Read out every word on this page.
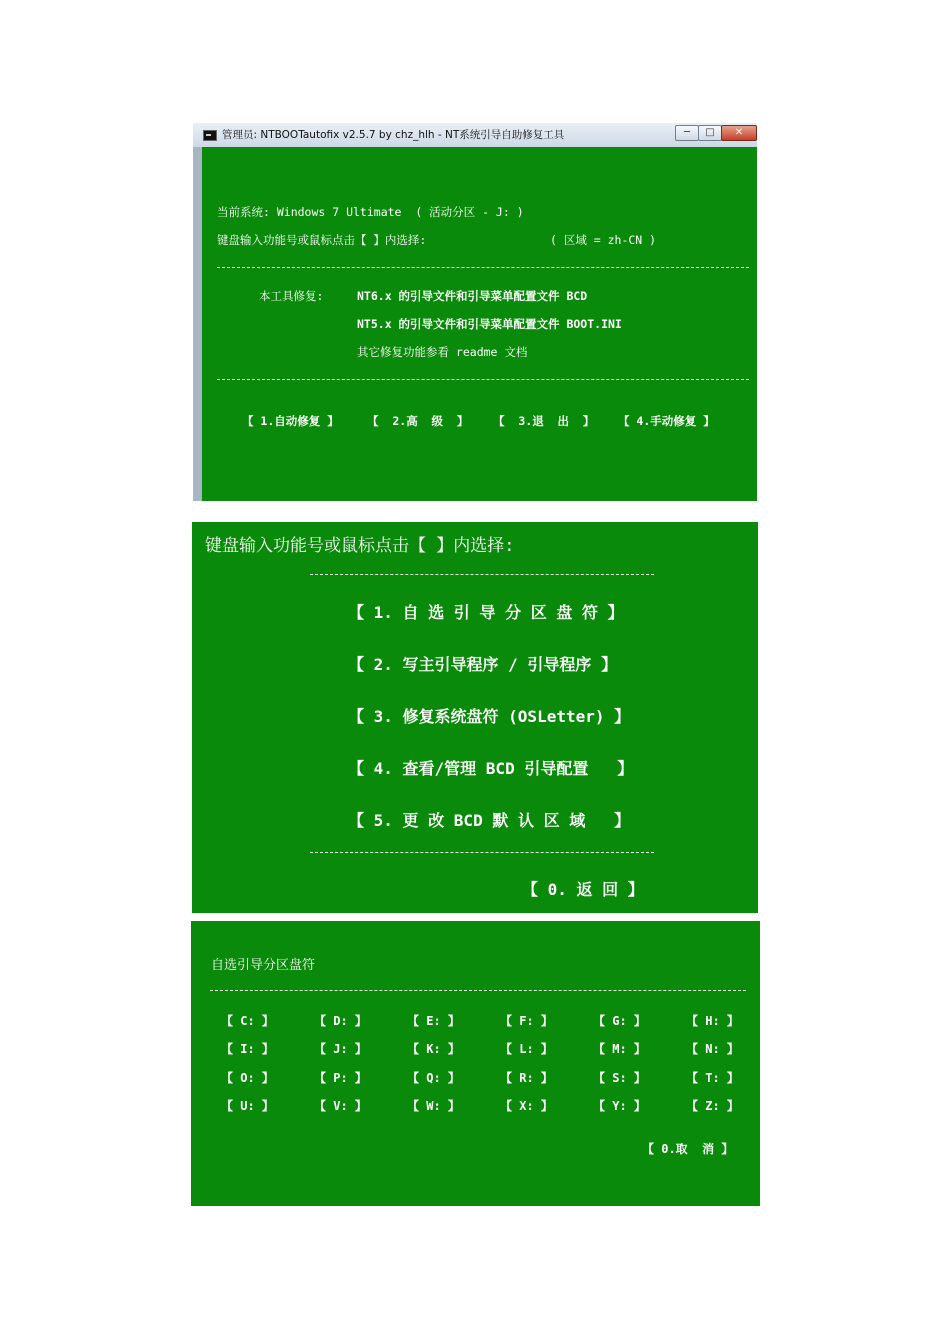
管理员: NTBOOTautofix v2.5.7 by chz_hlh - NT系统引导自助修复工具	─	□	✕
当前系统: Windows 7 Ultimate  ( 活动分区 - J: )
键盘输入功能号或鼠标点击【 】内选择:	( 区域 = zh-CN )
本工具修复:	NT6.x 的引导文件和引导菜单配置文件 BCD
NT5.x 的引导文件和引导菜单配置文件 BOOT.INI
其它修复功能参看 readme 文档
【 1.自动修复 】 【  2.高  级  】 【  3.退  出  】 【 4.手动修复 】
键盘输入功能号或鼠标点击【 】内选择:
【 1. 自 选 引 导 分 区 盘 符 】
【 2. 写主引导程序 / 引导程序 】
【 3. 修复系统盘符 (OSLetter) 】
【 4. 查看/管理 BCD 引导配置   】
【 5. 更 改 BCD 默 认 区 域   】
【 0. 返 回 】
自选引导分区盘符
【 C: 】	【 D: 】	【 E: 】	【 F: 】	【 G: 】	【 H: 】
【 I: 】	【 J: 】	【 K: 】	【 L: 】	【 M: 】	【 N: 】
【 O: 】	【 P: 】	【 Q: 】	【 R: 】	【 S: 】	【 T: 】
【 U: 】	【 V: 】	【 W: 】	【 X: 】	【 Y: 】	【 Z: 】
【 0.取  消 】
